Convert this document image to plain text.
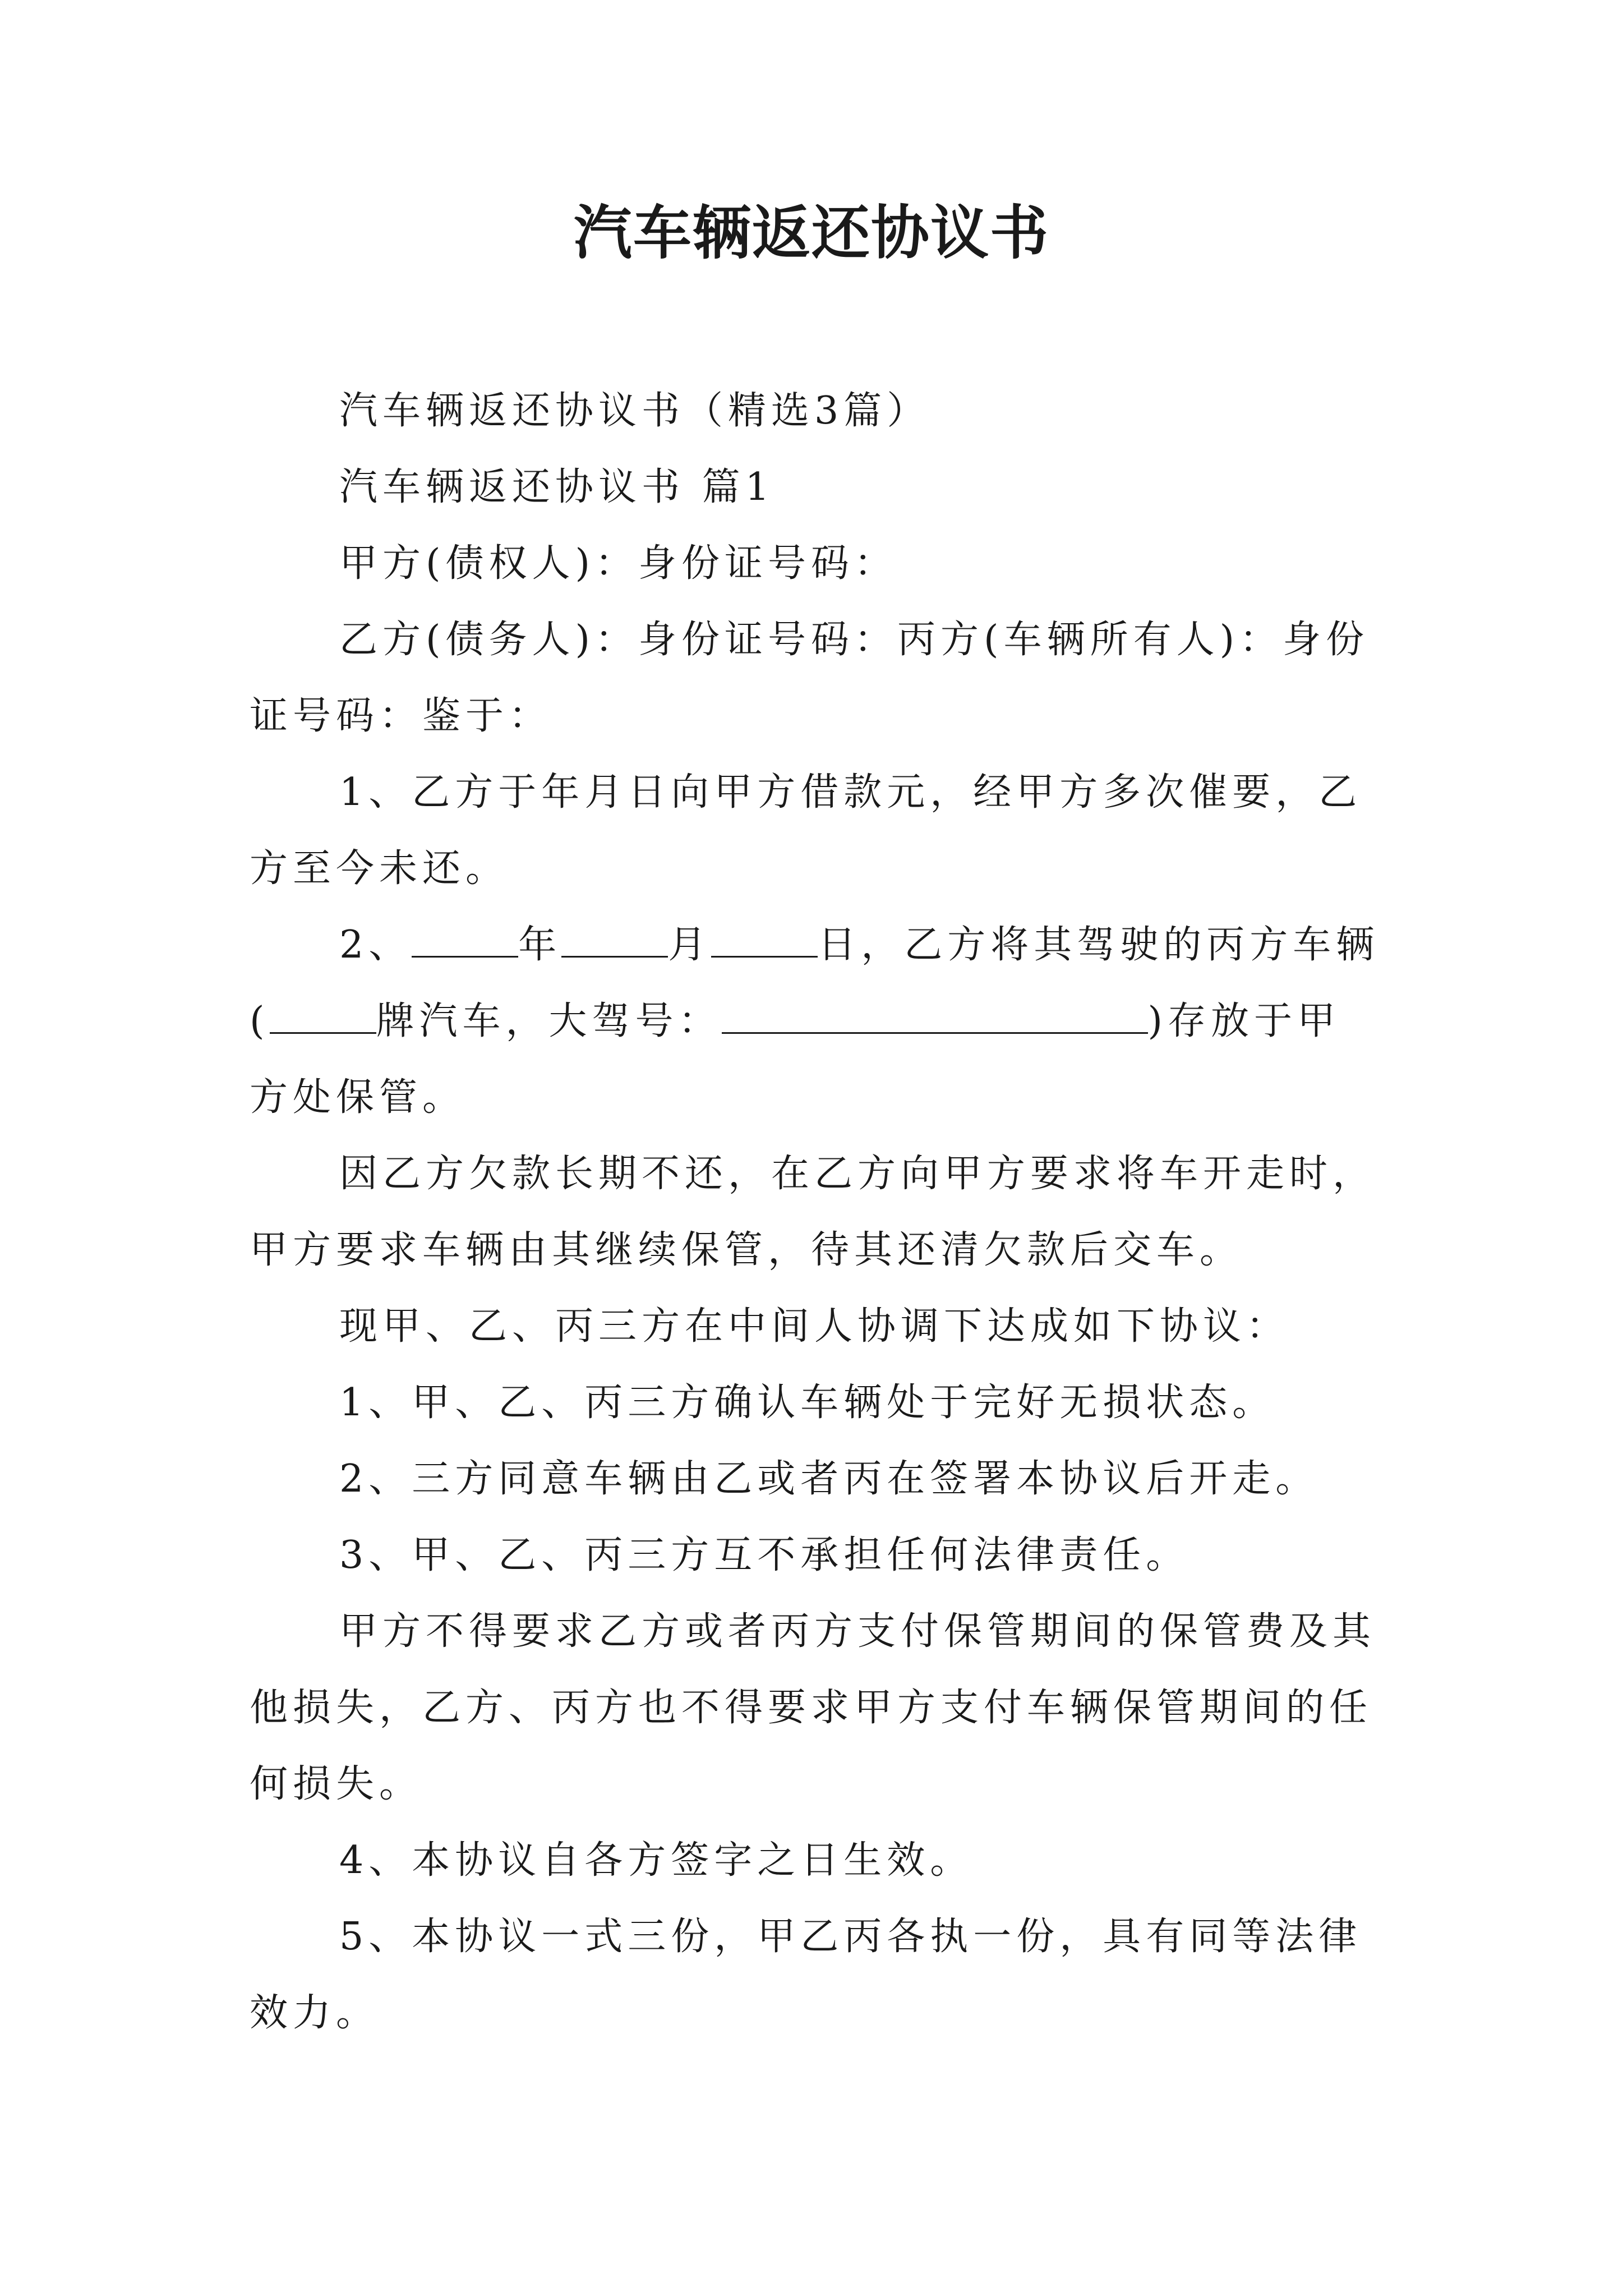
汽车辆返还协议书

汽车辆返还协议书（精选3篇）

汽车辆返还协议书 篇1

甲方(债权人)：身份证号码：

乙方(债务人)：身份证号码：丙方(车辆所有人)：身份证号码：鉴于：

1、乙方于年月日向甲方借款元，经甲方多次催要，乙方至今未还。

2、	年	月	日，乙方将其驾驶的丙方车辆(	牌汽车，大驾号：	)存放于甲方处保管。

因乙方欠款长期不还，在乙方向甲方要求将车开走时，甲方要求车辆由其继续保管，待其还清欠款后交车。

现甲、乙、丙三方在中间人协调下达成如下协议：

1、甲、乙、丙三方确认车辆处于完好无损状态。

2、三方同意车辆由乙或者丙在签署本协议后开走。

3、甲、乙、丙三方互不承担任何法律责任。

甲方不得要求乙方或者丙方支付保管期间的保管费及其他损失，乙方、丙方也不得要求甲方支付车辆保管期间的任何损失。

4、本协议自各方签字之日生效。

5、本协议一式三份，甲乙丙各执一份，具有同等法律效力。
